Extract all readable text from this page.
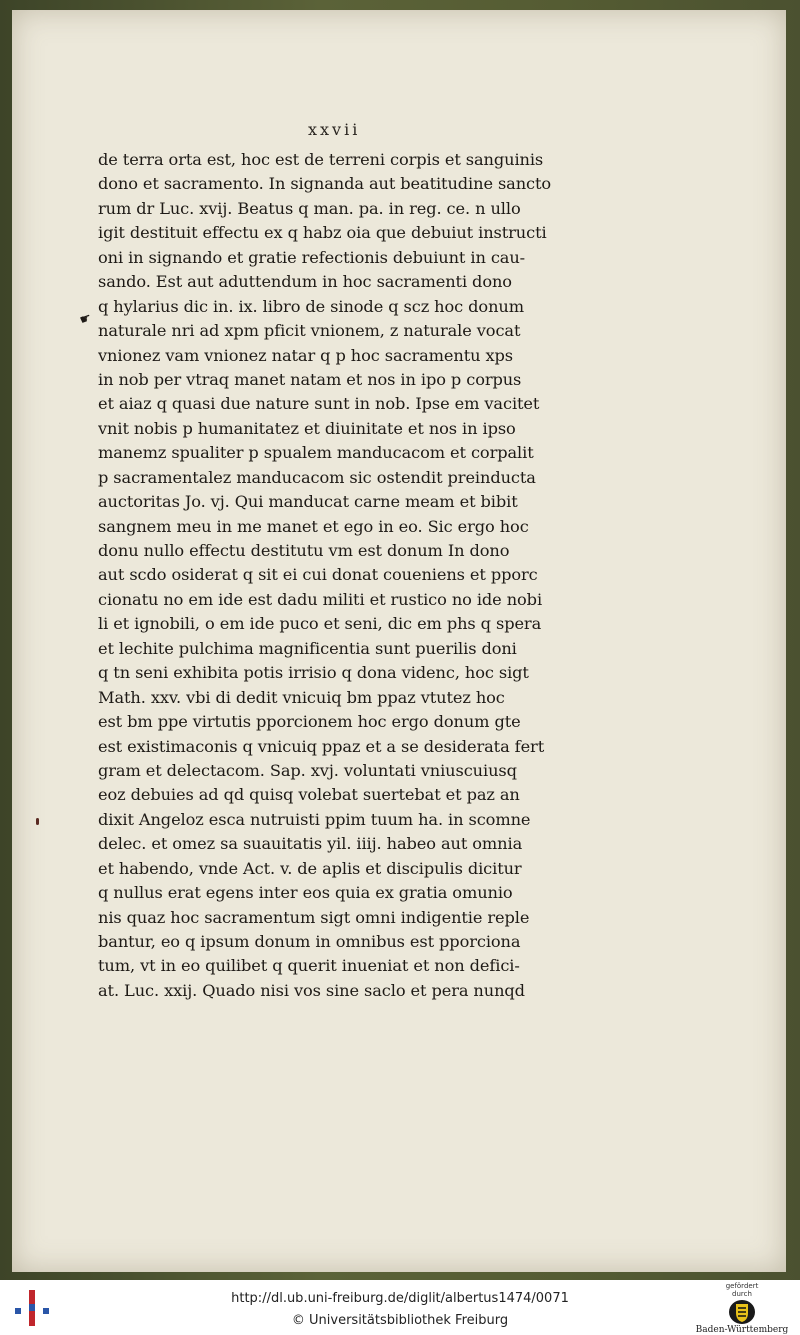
xxvii
☛
de terra orta est, hoc est de terreni corpis et sanguinis
dono et sacramento. In signanda aut beatitudine sancto
rum dr Luc. xvij. Beatus q man. pa. in reg. ce. n ullo
igit destituit effectu ex q habz oia que debuiut instructi
oni in signando et gratie refectionis debuiunt in cau-
sando. Est aut aduttendum in hoc sacramenti dono
q hylarius dic in. ix. libro de sinode q scz hoc donum
naturale nri ad xpm pficit vnionem, z naturale vocat
vnionez vam vnionez natar q p hoc sacramentu xps
in nob per vtraq manet natam et nos in ipo p corpus
et aiaz q quasi due nature sunt in nob. Ipse em vacitet
vnit nobis p humanitatez et diuinitate et nos in ipso
manemz spualiter p spualem manducacom et corpalit
p sacramentalez manducacom sic ostendit preinducta
auctoritas Jo. vj. Qui manducat carne meam et bibit
sangnem meu in me manet et ego in eo. Sic ergo hoc
donu nullo effectu destitutu vm est donum In dono
aut scdo osiderat q sit ei cui donat coueniens et pporc
cionatu no em ide est dadu militi et rustico no ide nobi
li et ignobili, o em ide puco et seni, dic em phs q spera
et lechite pulchima magnificentia sunt puerilis doni
q tn seni exhibita potis irrisio q dona videnc, hoc sigt
Math. xxv. vbi di dedit vnicuiq bm ppaz vtutez hoc
est bm ppe virtutis pporcionem hoc ergo donum gte
est existimaconis q vnicuiq ppaz et a se desiderata fert
gram et delectacom. Sap. xvj. voluntati vniuscuiusq
eoz debuies ad qd quisq volebat suertebat et paz an
dixit Angeloz esca nutruisti ppim tuum ha. in scomne
delec. et omez sa suauitatis yil. iiij. habeo aut omnia
et habendo, vnde Act. v. de aplis et discipulis dicitur
q nullus erat egens inter eos quia ex gratia omunio
nis quaz hoc sacramentum sigt omni indigentie reple
bantur, eo q ipsum donum in omnibus est pporciona
tum, vt in eo quilibet q querit inueniat et non defici-
at. Luc. xxij. Quado nisi vos sine saclo et pera nunqd
http://dl.ub.uni-freiburg.de/diglit/albertus1474/0071
© Universitätsbibliothek Freiburg
gefördert durch
Baden-Württemberg
